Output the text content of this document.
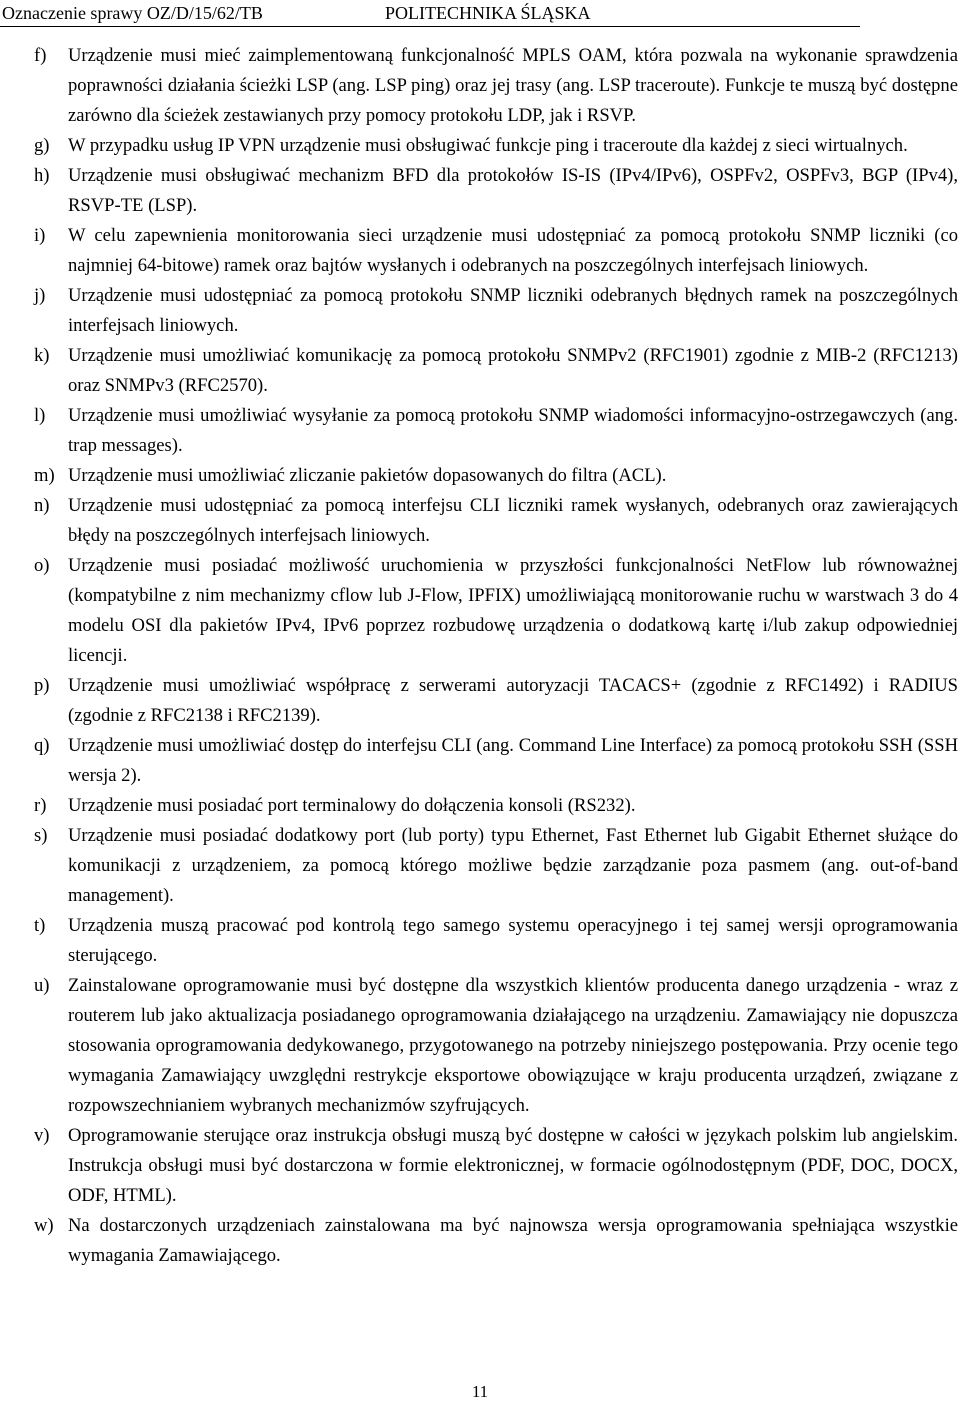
Oznaczenie sprawy OZ/D/15/62/TB	POLITECHNIKA ŚLĄSKA
f)	Urządzenie musi mieć zaimplementowaną funkcjonalność MPLS OAM, która pozwala na wykonanie sprawdzenia poprawności działania ścieżki LSP (ang. LSP ping) oraz jej trasy (ang. LSP traceroute). Funkcje te muszą być dostępne zarówno dla ścieżek zestawianych przy pomocy protokołu LDP, jak i RSVP.
g) W przypadku usług IP VPN urządzenie musi obsługiwać funkcje ping i traceroute dla każdej z sieci wirtualnych.
h) Urządzenie musi obsługiwać mechanizm BFD dla protokołów IS-IS (IPv4/IPv6), OSPFv2, OSPFv3, BGP (IPv4), RSVP-TE (LSP).
i)	W celu zapewnienia monitorowania sieci urządzenie musi udostępniać za pomocą protokołu SNMP liczniki (co najmniej 64-bitowe) ramek oraz bajtów wysłanych i odebranych na poszczególnych interfejsach liniowych.
j)	Urządzenie musi udostępniać za pomocą protokołu SNMP liczniki odebranych błędnych ramek na poszczególnych interfejsach liniowych.
k) Urządzenie musi umożliwiać komunikację za pomocą protokołu SNMPv2 (RFC1901) zgodnie z MIB-2 (RFC1213) oraz SNMPv3 (RFC2570).
l)	Urządzenie musi umożliwiać wysyłanie za pomocą protokołu SNMP wiadomości informacyjno-ostrzegawczych (ang. trap messages).
m) Urządzenie musi umożliwiać zliczanie pakietów dopasowanych do filtra (ACL).
n) Urządzenie musi udostępniać za pomocą interfejsu CLI liczniki ramek wysłanych, odebranych oraz zawierających błędy na poszczególnych interfejsach liniowych.
o) Urządzenie musi posiadać możliwość uruchomienia w przyszłości funkcjonalności NetFlow lub równoważnej (kompatybilne z nim mechanizmy cflow lub J-Flow, IPFIX) umożliwiającą monitorowanie ruchu w warstwach 3 do 4 modelu OSI dla pakietów IPv4, IPv6 poprzez rozbudowę urządzenia o dodatkową kartę i/lub zakup odpowiedniej licencji.
p) Urządzenie musi umożliwiać współpracę z serwerami autoryzacji TACACS+ (zgodnie z RFC1492) i RADIUS (zgodnie z RFC2138 i RFC2139).
q) Urządzenie musi umożliwiać dostęp do interfejsu CLI (ang. Command Line Interface) za pomocą protokołu SSH (SSH wersja 2).
r)	Urządzenie musi posiadać port terminalowy do dołączenia konsoli (RS232).
s)	Urządzenie musi posiadać dodatkowy port (lub porty) typu Ethernet, Fast Ethernet lub Gigabit Ethernet służące do komunikacji z urządzeniem, za pomocą którego możliwe będzie zarządzanie poza pasmem (ang. out-of-band management).
t)	Urządzenia muszą pracować pod kontrolą tego samego systemu operacyjnego i tej samej wersji oprogramowania sterującego.
u) Zainstalowane oprogramowanie musi być dostępne dla wszystkich klientów producenta danego urządzenia - wraz z routerem lub jako aktualizacja posiadanego oprogramowania działającego na urządzeniu. Zamawiający nie dopuszcza stosowania oprogramowania dedykowanego, przygotowanego na potrzeby niniejszego postępowania. Przy ocenie tego wymagania Zamawiający uwzględni restrykcje eksportowe obowiązujące w kraju producenta urządzeń, związane z rozpowszechnianiem wybranych mechanizmów szyfrujących.
v) Oprogramowanie sterujące oraz instrukcja obsługi muszą być dostępne w całości w językach polskim lub angielskim. Instrukcja obsługi musi być dostarczona w formie elektronicznej, w formacie ogólnodostępnym (PDF, DOC, DOCX, ODF, HTML).
w) Na dostarczonych urządzeniach zainstalowana ma być najnowsza wersja oprogramowania spełniająca wszystkie wymagania Zamawiającego.
11
